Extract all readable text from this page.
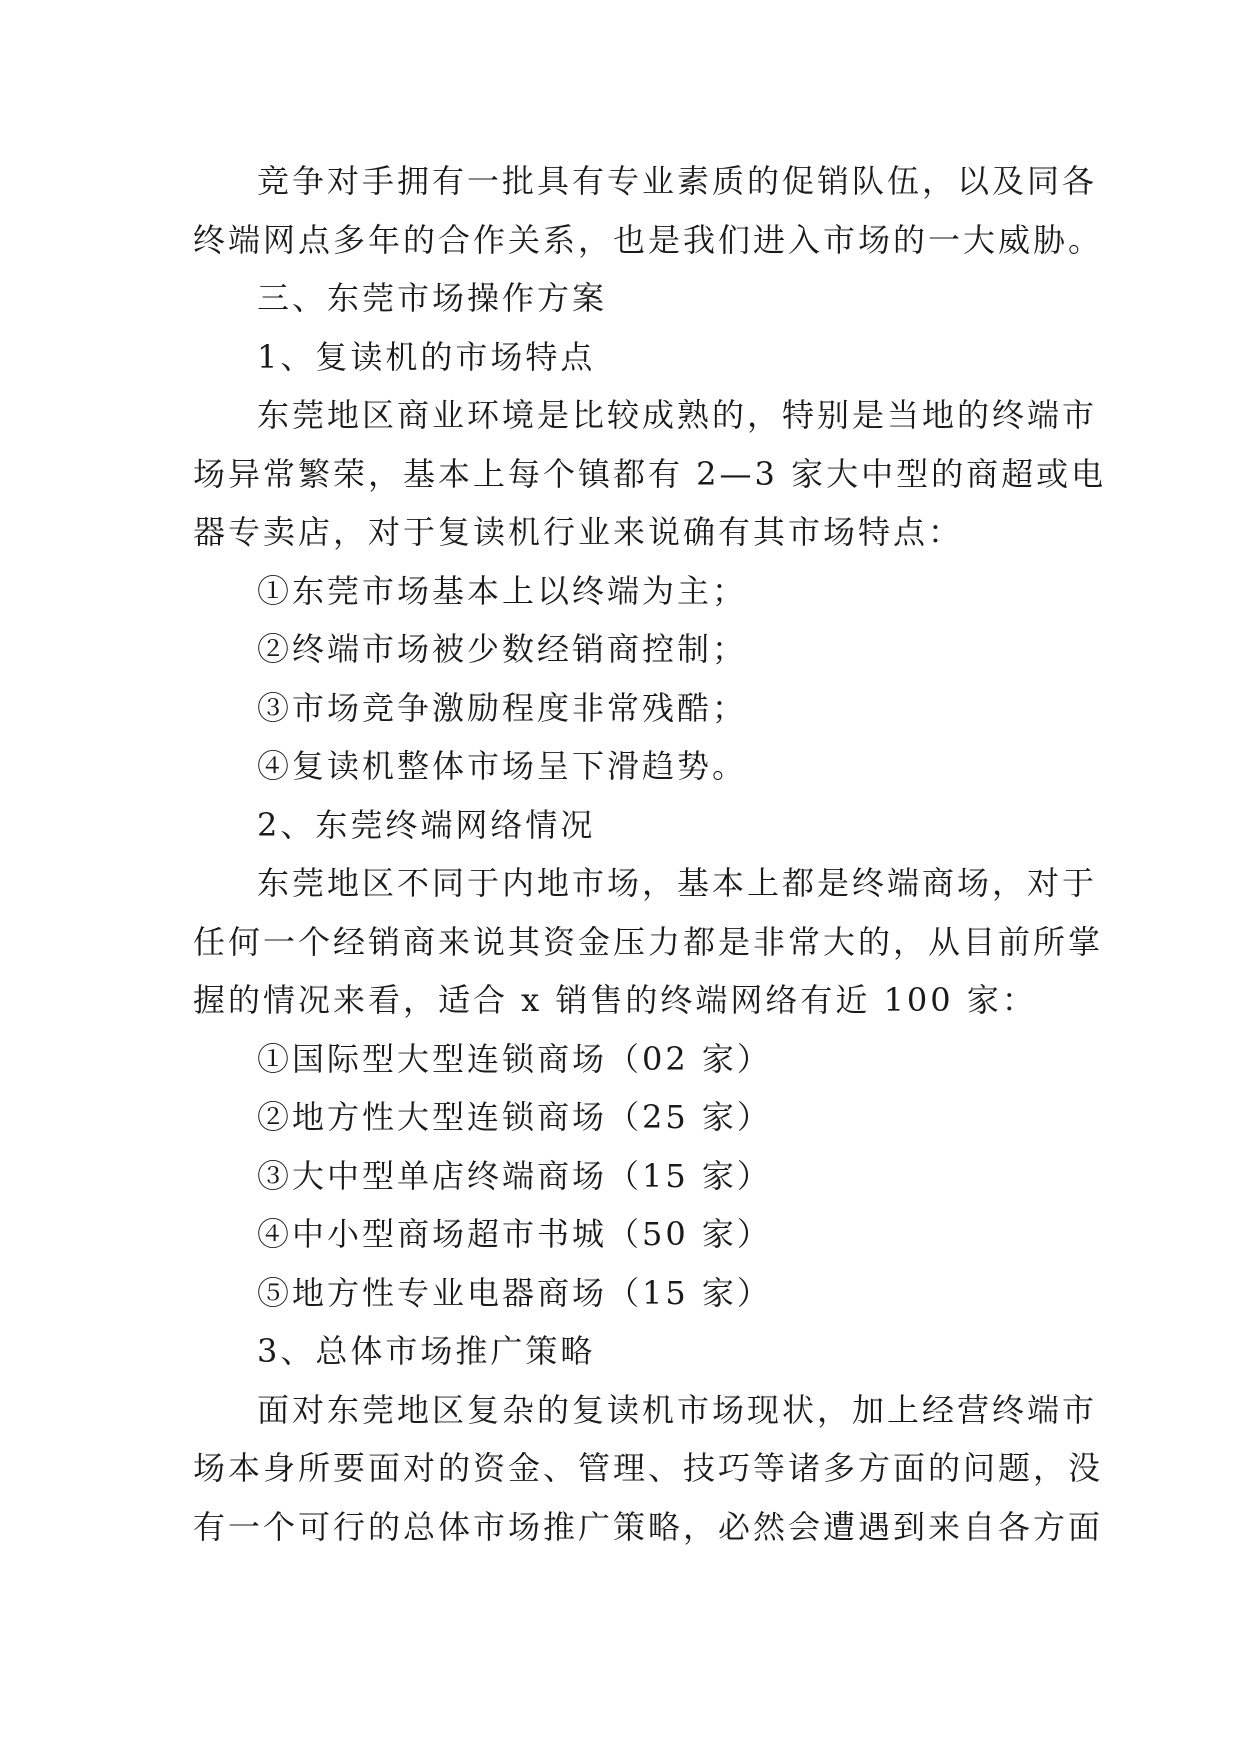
竞争对手拥有一批具有专业素质的促销队伍，以及同各
终端网点多年的合作关系，也是我们进入市场的一大威胁。
三、东莞市场操作方案
1、复读机的市场特点
东莞地区商业环境是比较成熟的，特别是当地的终端市
场异常繁荣，基本上每个镇都有 2—3 家大中型的商超或电
器专卖店，对于复读机行业来说确有其市场特点：
①东莞市场基本上以终端为主；
②终端市场被少数经销商控制；
③市场竞争激励程度非常残酷；
④复读机整体市场呈下滑趋势。
2、东莞终端网络情况
东莞地区不同于内地市场，基本上都是终端商场，对于
任何一个经销商来说其资金压力都是非常大的，从目前所掌
握的情况来看，适合 x 销售的终端网络有近 100 家：
①国际型大型连锁商场（02 家）
②地方性大型连锁商场（25 家）
③大中型单店终端商场（15 家）
④中小型商场超市书城（50 家）
⑤地方性专业电器商场（15 家）
3、总体市场推广策略
面对东莞地区复杂的复读机市场现状，加上经营终端市
场本身所要面对的资金、管理、技巧等诸多方面的问题，没
有一个可行的总体市场推广策略，必然会遭遇到来自各方面
